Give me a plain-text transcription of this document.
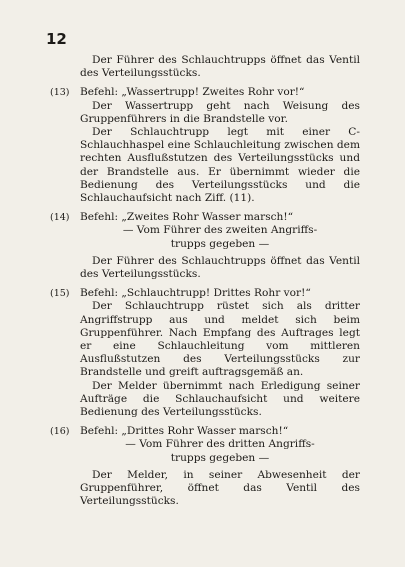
12

Der Führer des Schlauchtrupps öffnet das Ventil des Verteilungsstücks.

(13) Befehl: „Wassertrupp! Zweites Rohr vor!“

Der Wassertrupp geht nach Weisung des Gruppenführers in die Brandstelle vor.

Der Schlauchtrupp legt mit einer C-Schlauchhaspel eine Schlauchleitung zwischen dem rechten Ausflußstutzen des Verteilungsstücks und der Brandstelle aus. Er übernimmt wieder die Bedienung des Verteilungsstücks und die Schlauchaufsicht nach Ziff. (11).

(14) Befehl: „Zweites Rohr Wasser marsch!“
— Vom Führer des zweiten Angriffs-
trupps gegeben —

Der Führer des Schlauchtrupps öffnet das Ventil des Verteilungsstücks.

(15) Befehl: „Schlauchtrupp! Drittes Rohr vor!“

Der Schlauchtrupp rüstet sich als dritter Angriffstrupp aus und meldet sich beim Gruppenführer. Nach Empfang des Auftrages legt er eine Schlauchleitung vom mittleren Ausflußstutzen des Verteilungsstücks zur Brandstelle und greift auftragsgemäß an.

Der Melder übernimmt nach Erledigung seiner Aufträge die Schlauchaufsicht und weitere Bedienung des Verteilungsstücks.

(16) Befehl: „Drittes Rohr Wasser marsch!“
— Vom Führer des dritten Angriffs-
trupps gegeben —

Der Melder, in seiner Abwesenheit der Gruppenführer, öffnet das Ventil des Verteilungsstücks.
